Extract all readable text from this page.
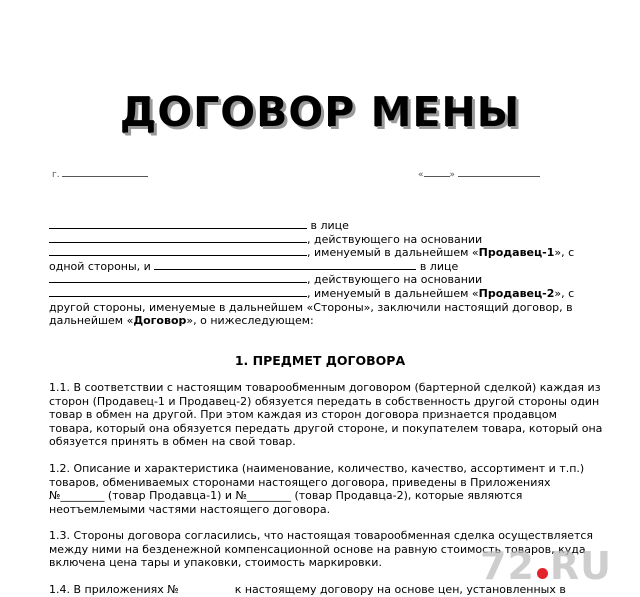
ДОГОВОР МЕНЫ
г.	«	»
в лице
, действующего на основании
, именуемый в дальнейшем «Продавец-1», с
одной стороны, и	в лице
, действующего на основании
, именуемый в дальнейшем «Продавец-2», с
другой стороны, именуемые в дальнейшем «Стороны», заключили настоящий договор, в
дальнейшем «Договор», о нижеследующем:
1. ПРЕДМЕТ ДОГОВОРА
1.1. В соответствии с настоящим товарообменным договором (бартерной сделкой) каждая из
сторон (Продавец-1 и Продавец-2) обязуется передать в собственность другой стороны один
товар в обмен на другой. При этом каждая из сторон договора признается продавцом
товара, который она обязуется передать другой стороне, и покупателем товара, который она
обязуется принять в обмен на свой товар.
1.2. Описание и характеристика (наименование, количество, качество, ассортимент и т.п.)
товаров, обмениваемых сторонами настоящего договора, приведены в Приложениях
№________ (товар Продавца-1) и №________ (товар Продавца-2), которые являются
неотъемлемыми частями настоящего договора.
1.3. Стороны договора согласились, что настоящая товарообменная сделка осуществляется
между ними на безденежной компенсационной основе на равную стоимость товаров, куда
включена цена тары и упаковки, стоимость маркировки.
1.4. В приложениях №	к настоящему договору на основе цен, установленных в
72 RU
